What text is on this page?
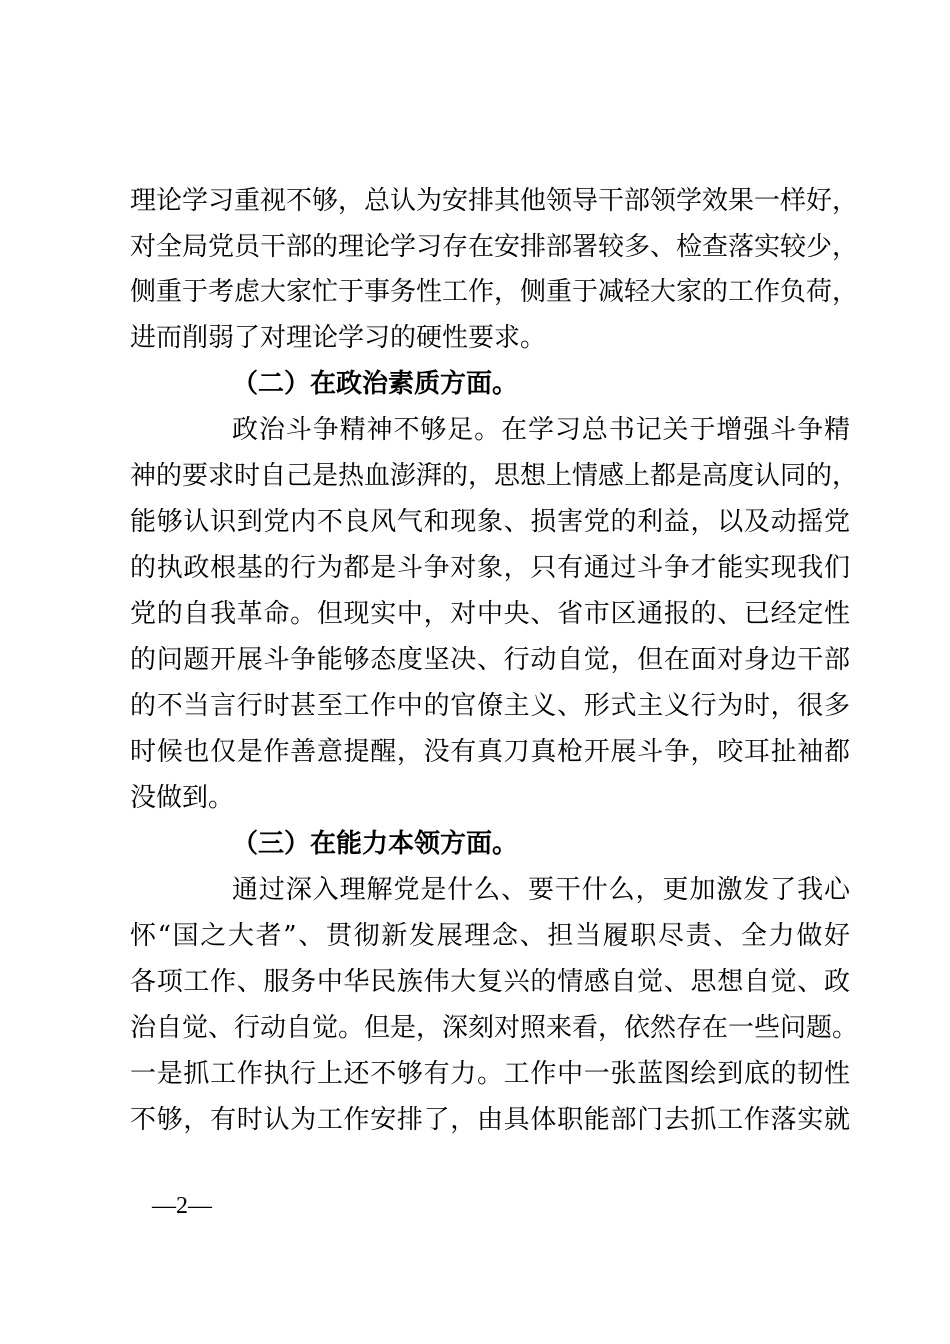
理论学习重视不够，总认为安排其他领导干部领学效果一样好，
对全局党员干部的理论学习存在安排部署较多、检查落实较少，
侧重于考虑大家忙于事务性工作，侧重于减轻大家的工作负荷，
进而削弱了对理论学习的硬性要求。
（二）在政治素质方面。
政治斗争精神不够足。在学习总书记关于增强斗争精
神的要求时自己是热血澎湃的，思想上情感上都是高度认同的，
能够认识到党内不良风气和现象、损害党的利益，以及动摇党
的执政根基的行为都是斗争对象，只有通过斗争才能实现我们
党的自我革命。但现实中，对中央、省市区通报的、已经定性
的问题开展斗争能够态度坚决、行动自觉，但在面对身边干部
的不当言行时甚至工作中的官僚主义、形式主义行为时，很多
时候也仅是作善意提醒，没有真刀真枪开展斗争，咬耳扯袖都
没做到。
（三）在能力本领方面。
通过深入理解党是什么、要干什么，更加激发了我心
怀“国之大者”、贯彻新发展理念、担当履职尽责、全力做好
各项工作、服务中华民族伟大复兴的情感自觉、思想自觉、政
治自觉、行动自觉。但是，深刻对照来看，依然存在一些问题。
一是抓工作执行上还不够有力。工作中一张蓝图绘到底的韧性
不够，有时认为工作安排了，由具体职能部门去抓工作落实就
—2—
